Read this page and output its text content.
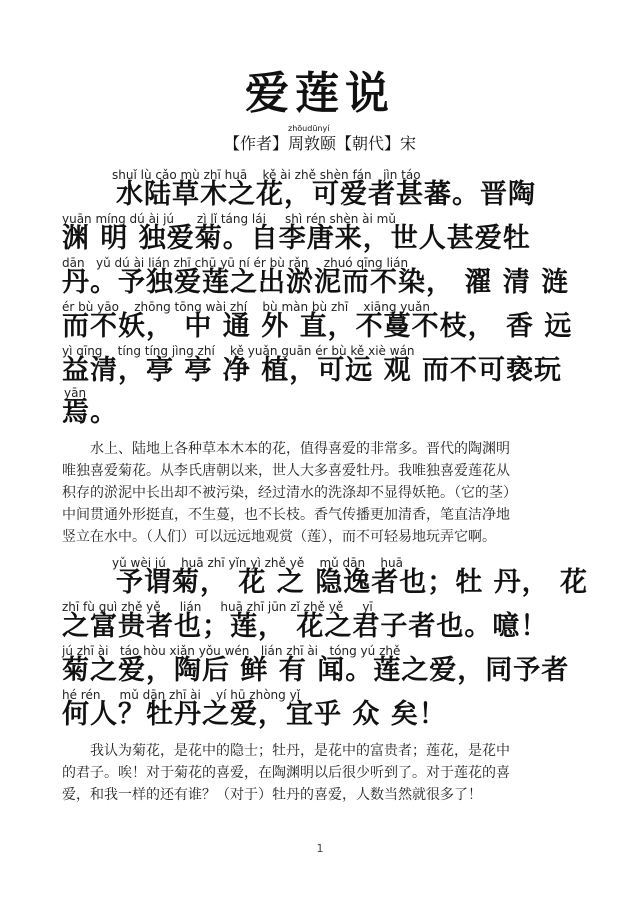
爱莲说
zhōudūnyí
【作者】周敦颐【朝代】宋
shuǐ lù cǎo mù zhī huā    kě ài zhě shèn fán   jìn táo
水陆草木之花，可爱者甚蕃。晋陶
yuān míng dú ài jú      zì lǐ táng lái     shì rén shèn ài mǔ
渊 明 独爱菊。自李唐来，世人甚爱牡
dān   yǔ dú ài lián zhī chū yū ní ér bù rǎn    zhuó qīng lián
丹。予独爱莲之出淤泥而不染， 濯 清 涟
ér bù yāo    zhōng tōng wài zhí    bù màn bù zhī    xiāng yuǎn
而不妖， 中 通 外 直，不蔓不枝， 香 远
yì qīng    tíng tíng jìng zhí    kě yuǎn guān ér bù kě xiè wán
益清，亭 亭 净 植，可远 观 而不可亵玩
yān
焉。
水上、陆地上各种草本木本的花，值得喜爱的非常多。晋代的陶渊明
唯独喜爱菊花。从李氏唐朝以来，世人大多喜爱牡丹。我唯独喜爱莲花从
积存的淤泥中长出却不被污染，经过清水的洗涤却不显得妖艳。（它的茎）
中间贯通外形挺直，不生蔓，也不长枝。香气传播更加清香，笔直洁净地
竖立在水中。（人们）可以远远地观赏（莲），而不可轻易地玩弄它啊。
yǔ wèi jú    huā zhī yǐn yì zhě yě    mǔ dān    huā
予谓菊， 花 之 隐逸者也；牡 丹， 花
zhī fù guì zhě yě     lián     huā zhī jūn zǐ zhě yě     yī
之富贵者也；莲， 花之君子者也。噫！
jú zhī ài   táo hòu xiǎn yǒu wén   lián zhī ài   tóng yú zhě
菊之爱，陶后 鲜 有 闻。莲之爱，同予者
hé rén     mǔ dān zhī ài    yí hū zhòng yǐ
何人？牡丹之爱，宜乎 众 矣！
我认为菊花，是花中的隐士；牡丹，是花中的富贵者；莲花，是花中
的君子。唉！对于菊花的喜爱，在陶渊明以后很少听到了。对于莲花的喜
爱，和我一样的还有谁？（对于）牡丹的喜爱，人数当然就很多了！
1
